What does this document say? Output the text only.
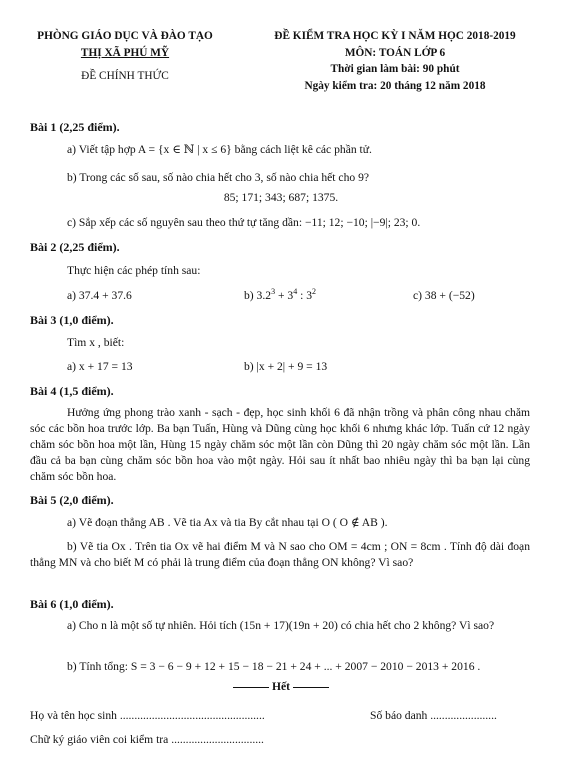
PHÒNG GIÁO DỤC VÀ ĐÀO TẠO
THỊ XÃ PHÚ MỸ
ĐỀ CHÍNH THỨC
ĐỀ KIỂM TRA HỌC KỲ I NĂM HỌC 2018-2019
MÔN: TOÁN LỚP 6
Thời gian làm bài: 90 phút
Ngày kiểm tra: 20 tháng 12 năm 2018
Bài 1 (2,25 điểm).
a) Viết tập hợp A = {x ∈ ℕ | x ≤ 6} bằng cách liệt kê các phần tử.
b) Trong các số sau, số nào chia hết cho 3, số nào chia hết cho 9?
85; 171; 343; 687; 1375.
c) Sắp xếp các số nguyên sau theo thứ tự tăng dần: −11; 12; −10; |−9|; 23; 0.
Bài 2 (2,25 điểm).
Thực hiện các phép tính sau:
a) 37.4 + 37.6	b) $3.2^3 + 3^4$ : $3^2$	c) 38 + (−52)
Bài 3 (1,0 điểm).
Tìm x , biết:
a) x + 17 = 13	b) |x + 2| + 9 = 13
Bài 4 (1,5 điểm).
Hưởng ứng phong trào xanh - sạch - đẹp, học sinh khối 6 đã nhận trồng và phân công nhau chăm sóc các bồn hoa trước lớp. Ba bạn Tuấn, Hùng và Dũng cùng học khối 6 nhưng khác lớp. Tuấn cứ 12 ngày chăm sóc bồn hoa một lần, Hùng 15 ngày chăm sóc một lần còn Dũng thì 20 ngày chăm sóc một lần. Lần đầu cả ba bạn cùng chăm sóc bồn hoa vào một ngày. Hỏi sau ít nhất bao nhiêu ngày thì ba bạn lại cùng chăm sóc bồn hoa.
Bài 5 (2,0 điểm).
a) Vẽ đoạn thẳng AB . Vẽ tia Ax và tia By cắt nhau tại O ( O ∉ AB ).
b) Vẽ tia Ox . Trên tia Ox vẽ hai điểm M và N sao cho OM = 4cm ; ON = 8cm . Tính độ dài đoạn thẳng MN và cho biết M có phải là trung điểm của đoạn thẳng ON không? Vì sao?
Bài 6 (1,0 điểm).
a) Cho n là một số tự nhiên. Hỏi tích (15n + 17)(19n + 20) có chia hết cho 2 không? Vì sao?
b) Tính tổng: S = 3 − 6 − 9 + 12 + 15 − 18 − 21 + 24 + ... + 2007 − 2010 − 2013 + 2016 .
Hết
Họ và tên học sinh ..................................................	Số báo danh .......................
Chữ ký giáo viên coi kiểm tra ................................
